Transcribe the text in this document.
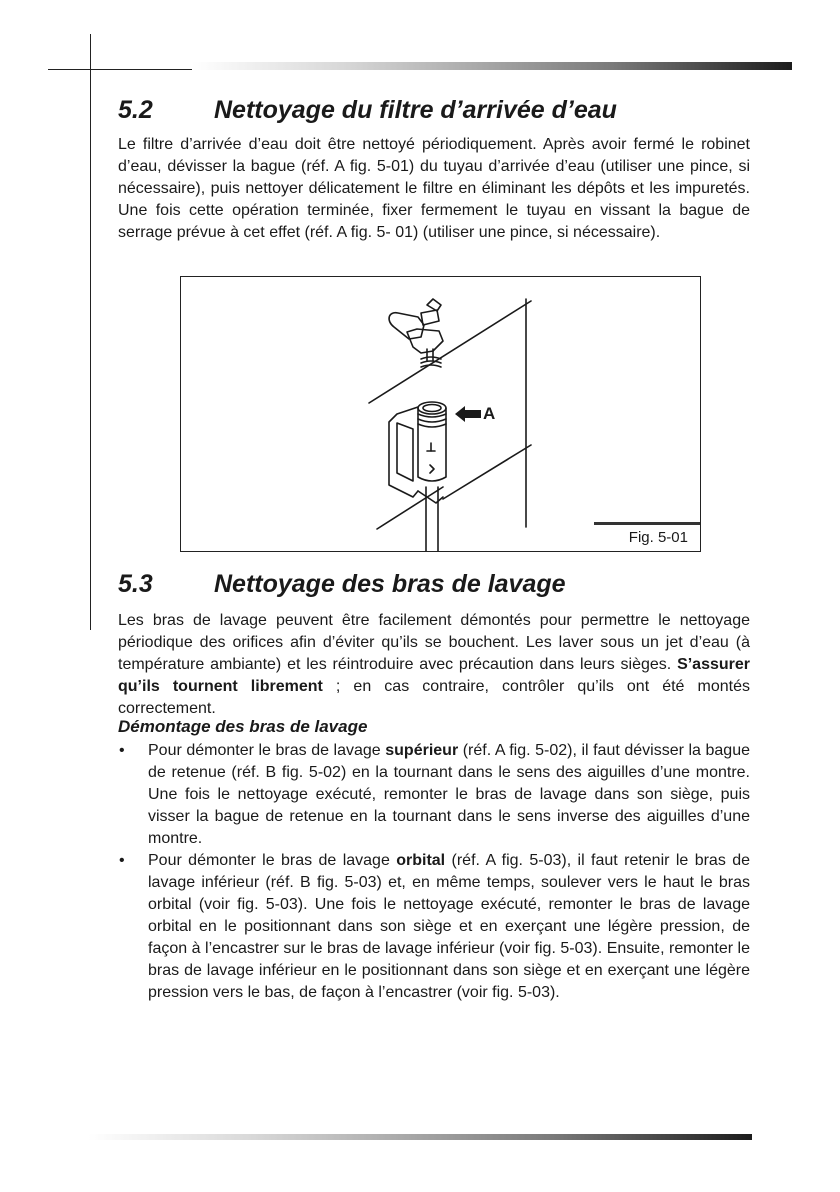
5.2 Nettoyage du filtre d’arrivée d’eau

Le filtre d’arrivée d’eau doit être nettoyé périodiquement. Après avoir fermé le robinet d’eau, dévisser la bague (réf. A fig. 5-01) du tuyau d’arrivée d’eau (utiliser une pince, si nécessaire), puis nettoyer délicatement le filtre en éliminant les dépôts et les impuretés. Une fois cette opération terminée, fixer fermement le tuyau en vissant la bague de serrage prévue à cet effet (réf. A fig. 5- 01) (utiliser une pince, si nécessaire).

A
Fig. 5-01
5.3 Nettoyage des bras de lavage

Les bras de lavage peuvent être facilement démontés pour permettre le nettoyage périodique des orifices afin d’éviter qu’ils se bouchent. Les laver sous un jet d’eau (à température ambiante) et les réintroduire avec précaution dans leurs sièges. S’assurer qu’ils tournent librement ; en cas contraire, contrôler qu’ils ont été montés correctement.

Démontage des bras de lavage
• Pour démonter le bras de lavage supérieur (réf. A fig. 5-02), il faut dévisser la bague de retenue (réf. B fig. 5-02) en la tournant dans le sens des aiguilles d’une montre. Une fois le nettoyage exécuté, remonter le bras de lavage dans son siège, puis visser la bague de retenue en la tournant dans le sens inverse des aiguilles d’une montre.
• Pour démonter le bras de lavage orbital (réf. A fig. 5-03), il faut retenir le bras de lavage inférieur (réf. B fig. 5-03) et, en même temps, soulever vers le haut le bras orbital (voir fig. 5-03). Une fois le nettoyage exécuté, remonter le bras de lavage orbital en le positionnant dans son siège et en exerçant une légère pression, de façon à l’encastrer sur le bras de lavage inférieur (voir fig. 5-03). Ensuite, remonter le bras de lavage inférieur en le positionnant dans son siège et en exerçant une légère pression vers le bas, de façon à l’encastrer (voir fig. 5-03).
